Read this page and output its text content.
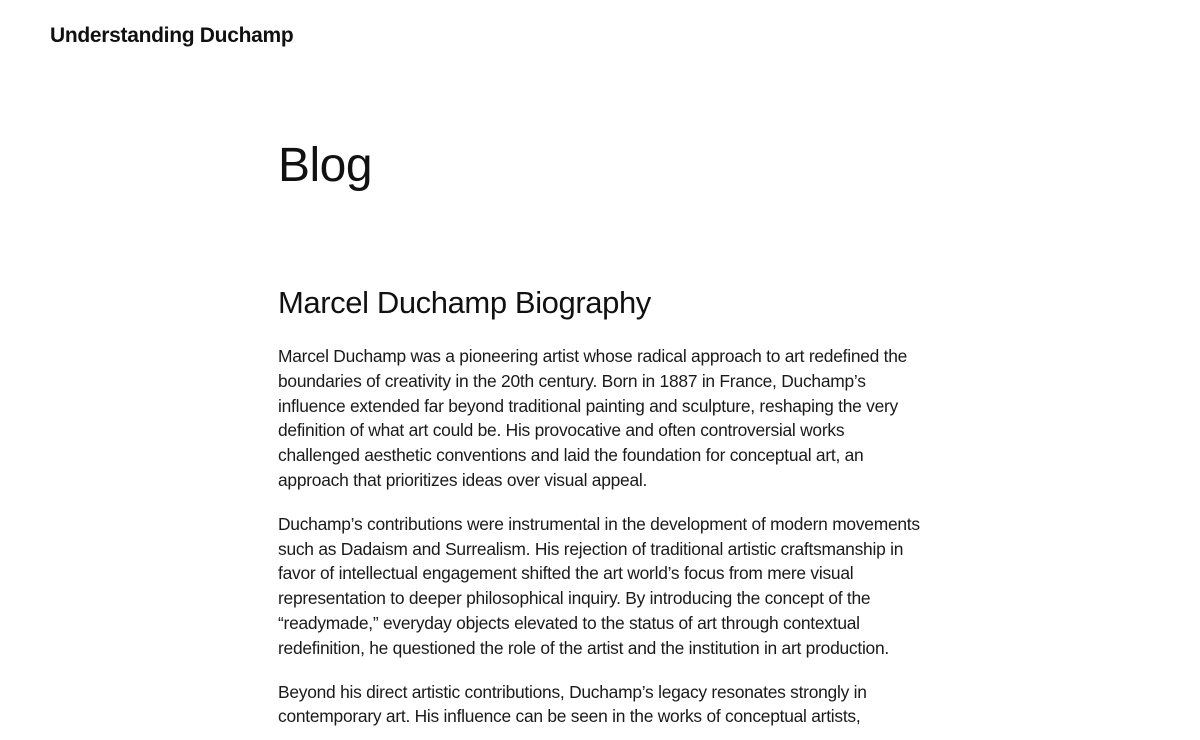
Understanding Duchamp
Blog
Marcel Duchamp Biography

Marcel Duchamp was a pioneering artist whose radical approach to art redefined the boundaries of creativity in the 20th century. Born in 1887 in France, Duchamp’s influence extended far beyond traditional painting and sculpture, reshaping the very definition of what art could be. His provocative and often controversial works challenged aesthetic conventions and laid the foundation for conceptual art, an approach that prioritizes ideas over visual appeal.

Duchamp’s contributions were instrumental in the development of modern movements such as Dadaism and Surrealism. His rejection of traditional artistic craftsmanship in favor of intellectual engagement shifted the art world’s focus from mere visual representation to deeper philosophical inquiry. By introducing the concept of the “readymade,” everyday objects elevated to the status of art through contextual redefinition, he questioned the role of the artist and the institution in art production.

Beyond his direct artistic contributions, Duchamp’s legacy resonates strongly in contemporary art. His influence can be seen in the works of conceptual artists,
